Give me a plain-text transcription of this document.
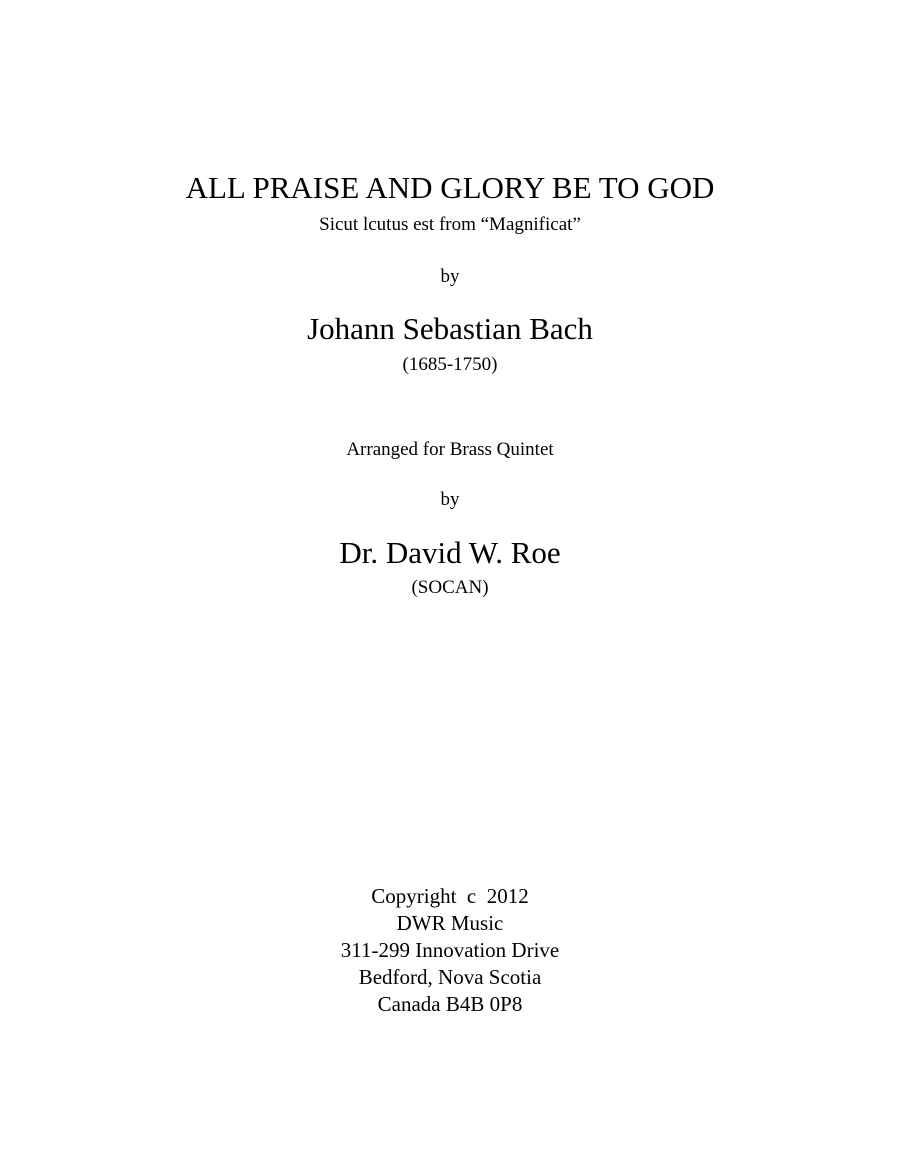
ALL PRAISE AND GLORY BE TO GOD
Sicut lcutus est from “Magnificat”
by
Johann Sebastian Bach
(1685-1750)
Arranged for Brass Quintet
by
Dr. David W. Roe
(SOCAN)
Copyright  c  2012
DWR Music
311-299 Innovation Drive
Bedford, Nova Scotia
Canada B4B 0P8
